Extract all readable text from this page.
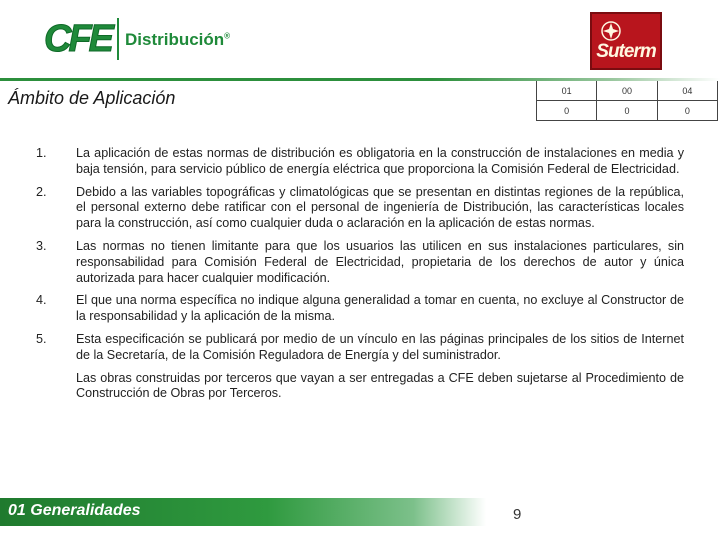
CFE Distribución®
Suterm
Ámbito de Aplicación	01	00	04
0	0	0
1.	La aplicación de estas normas de distribución es obligatoria en la construcción de instalaciones en media y baja tensión, para servicio público de energía eléctrica que proporciona la Comisión Federal de Electricidad.
2.	Debido a las variables topográficas y climatológicas que se presentan en distintas regiones de la república, el personal externo debe ratificar con el personal de ingeniería de Distribución, las características locales para la construcción, así como cualquier duda o aclaración en la aplicación de estas normas.
3.	Las normas no tienen limitante para que los usuarios las utilicen en sus instalaciones particulares, sin responsabilidad para Comisión Federal de Electricidad, propietaria de los derechos de autor y única autorizada para hacer cualquier modificación.
4.	El que una norma específica no indique alguna generalidad a tomar en cuenta, no excluye al Constructor de la responsabilidad y la aplicación de la misma.
5.	Esta especificación se publicará por medio de un vínculo en las páginas principales de los sitios de Internet de la Secretaría, de la Comisión Reguladora de Energía y del suministrador.
Las obras construidas por terceros que vayan a ser entregadas a CFE deben sujetarse al Procedimiento de Construcción de Obras por Terceros.
01 Generalidades	9
